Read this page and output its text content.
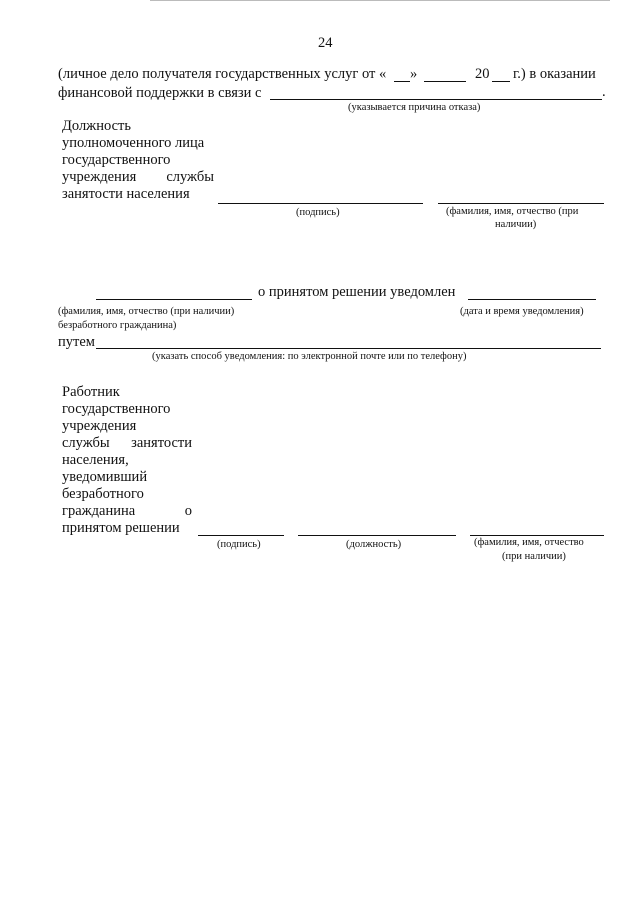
24
(личное дело получателя государственных услуг от « »	20 г.) в оказании
финансовой поддержки в связи с	.
(указывается причина отказа)
Должность
уполномоченного лица
государственного
учреждения службы
занятости населения
(подпись)	(фамилия, имя, отчество (при
наличии)
о принятом решении уведомлен
(фамилия, имя, отчество (при наличии)
безработного гражданина)
(дата и время уведомления)
путем
(указать способ уведомления: по электронной почте или по телефону)
Работник
государственного
учреждения
службы занятости
населения,
уведомивший
безработного
гражданина	о
принятом решении
(подпись)	(должность)	(фамилия, имя, отчество
(при наличии)
